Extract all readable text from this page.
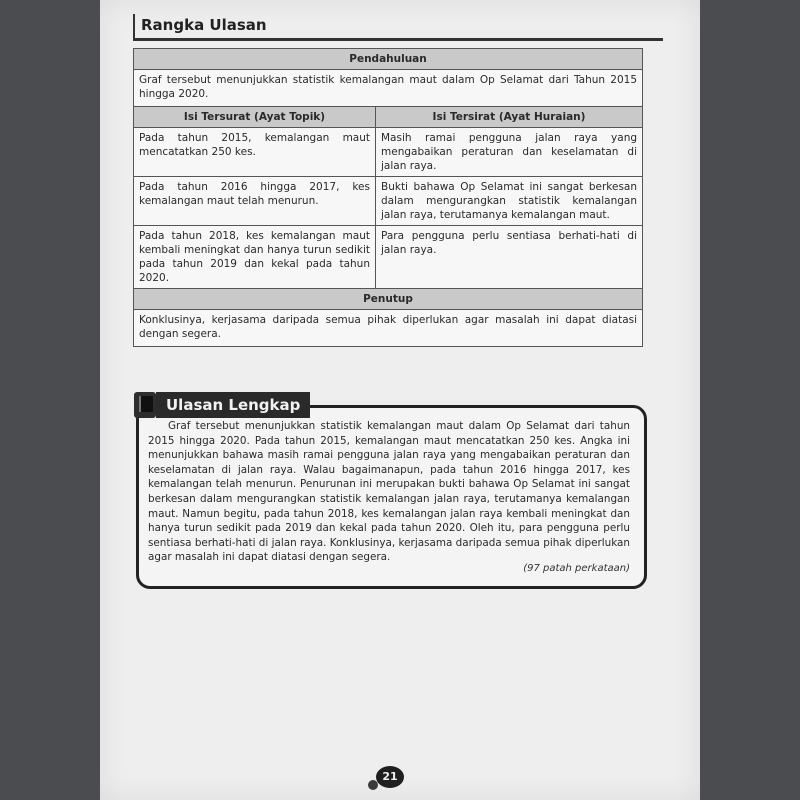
Rangka Ulasan
Pendahuluan	
Graf tersebut menunjukkan statistik kemalangan maut dalam Op Selamat dari Tahun 2015 hingga 2020.	
Isi Tersurat (Ayat Topik)	Isi Tersirat (Ayat Huraian)
Pada tahun 2015, kemalangan maut mencatatkan 250 kes.	Masih ramai pengguna jalan raya yang mengabaikan peraturan dan keselamatan di jalan raya.
Pada tahun 2016 hingga 2017, kes kemalangan maut telah menurun.	Bukti bahawa Op Selamat ini sangat berkesan dalam mengurangkan statistik kemalangan jalan raya, terutamanya kemalangan maut.
Pada tahun 2018, kes kemalangan maut kembali meningkat dan hanya turun sedikit pada tahun 2019 dan kekal pada tahun 2020.	Para pengguna perlu sentiasa berhati-hati di jalan raya.
Penutup	
Konklusinya, kerjasama daripada semua pihak diperlukan agar masalah ini dapat diatasi dengan segera.	
Ulasan Lengkap
Graf tersebut menunjukkan statistik kemalangan maut dalam Op Selamat dari tahun 2015 hingga 2020. Pada tahun 2015, kemalangan maut mencatatkan 250 kes. Angka ini menunjukkan bahawa masih ramai pengguna jalan raya yang mengabaikan peraturan dan keselamatan di jalan raya. Walau bagaimanapun, pada tahun 2016 hingga 2017, kes kemalangan telah menurun. Penurunan ini merupakan bukti bahawa Op Selamat ini sangat berkesan dalam mengurangkan statistik kemalangan jalan raya, terutamanya kemalangan maut. Namun begitu, pada tahun 2018, kes kemalangan jalan raya kembali meningkat dan hanya turun sedikit pada 2019 dan kekal pada tahun 2020. Oleh itu, para pengguna perlu sentiasa berhati-hati di jalan raya. Konklusinya, kerjasama daripada semua pihak diperlukan agar masalah ini dapat diatasi dengan segera.
(97 patah perkataan)
21
